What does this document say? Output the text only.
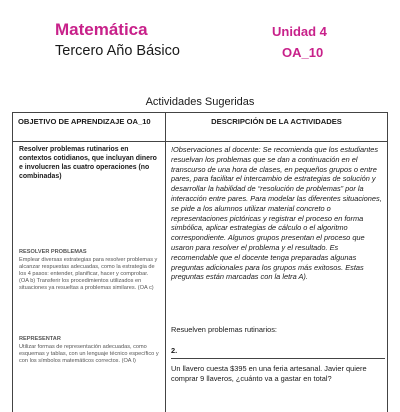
Matemática
Tercero Año Básico
Unidad 4
OA_10
Actividades Sugeridas
OBJETIVO DE APRENDIZAJE OA_10	DESCRIPCIÓN DE LA ACTIVIDADES
Resolver problemas rutinarios en contextos cotidianos, que incluyan dinero e involucren las cuatro operaciones (no combinadas)
RESOLVER PROBLEMAS
Emplear diversas estrategias para resolver problemas y alcanzar respuestas adecuadas, como la estrategia de los 4 pasos: entender, planificar, hacer y comprobar. (OA b) Transferir los procedimientos utilizados en situaciones ya resueltas a problemas similares. (OA c)
REPRESENTAR
Utilizar formas de representación adecuadas, como esquemas y tablas, con un lenguaje técnico específico y con los símbolos matemáticos correctos. (OA l)
!Observaciones al docente: Se recomienda que los estudiantes resuelvan los problemas que se dan a continuación en el transcurso de una hora de clases, en pequeños grupos o entre pares, para facilitar el intercambio de estrategias de solución y desarrollar la habilidad de “resolución de problemas” por la interacción entre pares. Para modelar las diferentes situaciones, se pide a los alumnos utilizar material concreto o representaciones pictóricas y registrar el proceso en forma simbólica, aplicar estrategias de cálculo o el algoritmo correspondiente. Algunos grupos presentan el proceso que usaron para resolver el problema y el resultado. Es recomendable que el docente tenga preparadas algunas preguntas adicionales para los grupos más exitosos. Estas preguntas están marcadas con la letra A).
Resuelven problemas rutinarios:
2.
Un llavero cuesta $395 en una feria artesanal. Javier quiere comprar 9 llaveros, ¿cuánto va a gastar en total?
